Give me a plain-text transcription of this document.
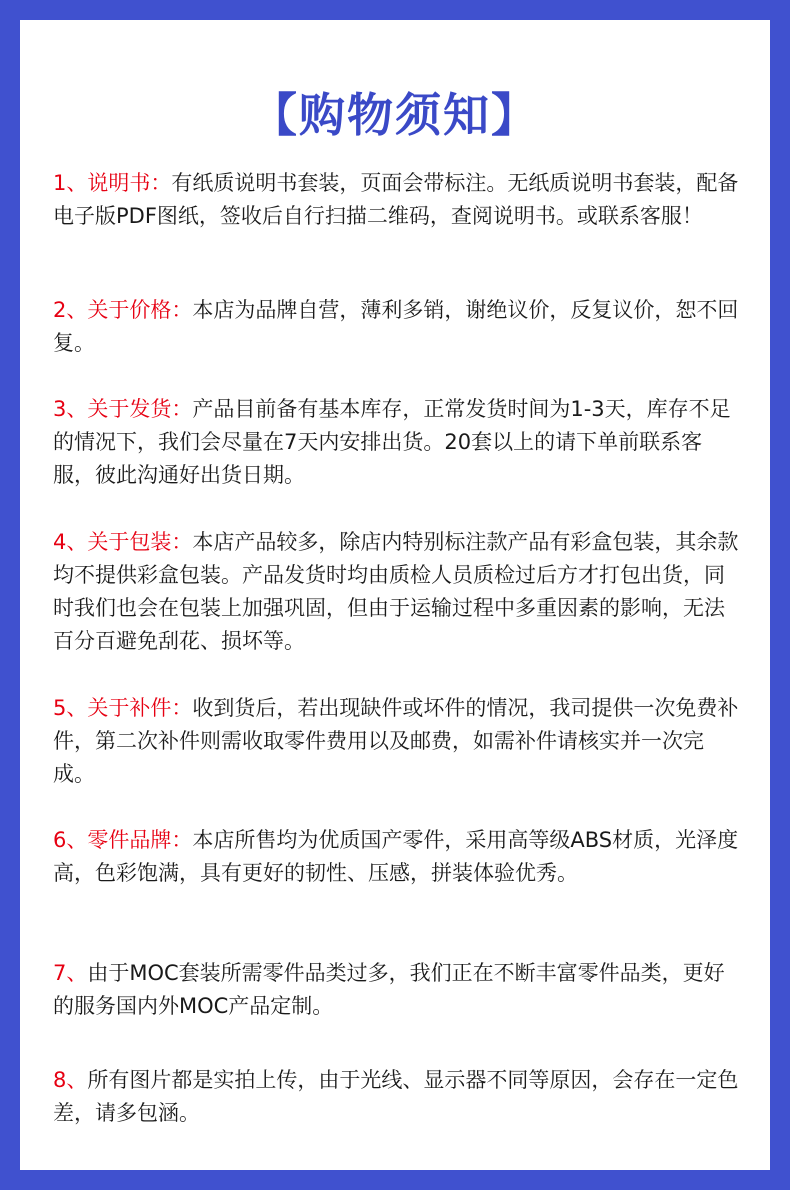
【购物须知】

1、说明书：有纸质说明书套装，页面会带标注。无纸质说明书套装，配备电子版PDF图纸，签收后自行扫描二维码，查阅说明书。或联系客服！

2、关于价格：本店为品牌自营，薄利多销，谢绝议价，反复议价，恕不回复。

3、关于发货：产品目前备有基本库存，正常发货时间为1-3天，库存不足的情况下，我们会尽量在7天内安排出货。20套以上的请下单前联系客服，彼此沟通好出货日期。

4、关于包装：本店产品较多，除店内特别标注款产品有彩盒包装，其余款均不提供彩盒包装。产品发货时均由质检人员质检过后方才打包出货，同时我们也会在包装上加强巩固，但由于运输过程中多重因素的影响，无法百分百避免刮花、损坏等。

5、关于补件：收到货后，若出现缺件或坏件的情况，我司提供一次免费补件，第二次补件则需收取零件费用以及邮费，如需补件请核实并一次完成。

6、零件品牌：本店所售均为优质国产零件，采用高等级ABS材质，光泽度高，色彩饱满，具有更好的韧性、压感，拼装体验优秀。

7、由于MOC套装所需零件品类过多，我们正在不断丰富零件品类，更好的服务国内外MOC产品定制。

8、所有图片都是实拍上传，由于光线、显示器不同等原因，会存在一定色差，请多包涵。
